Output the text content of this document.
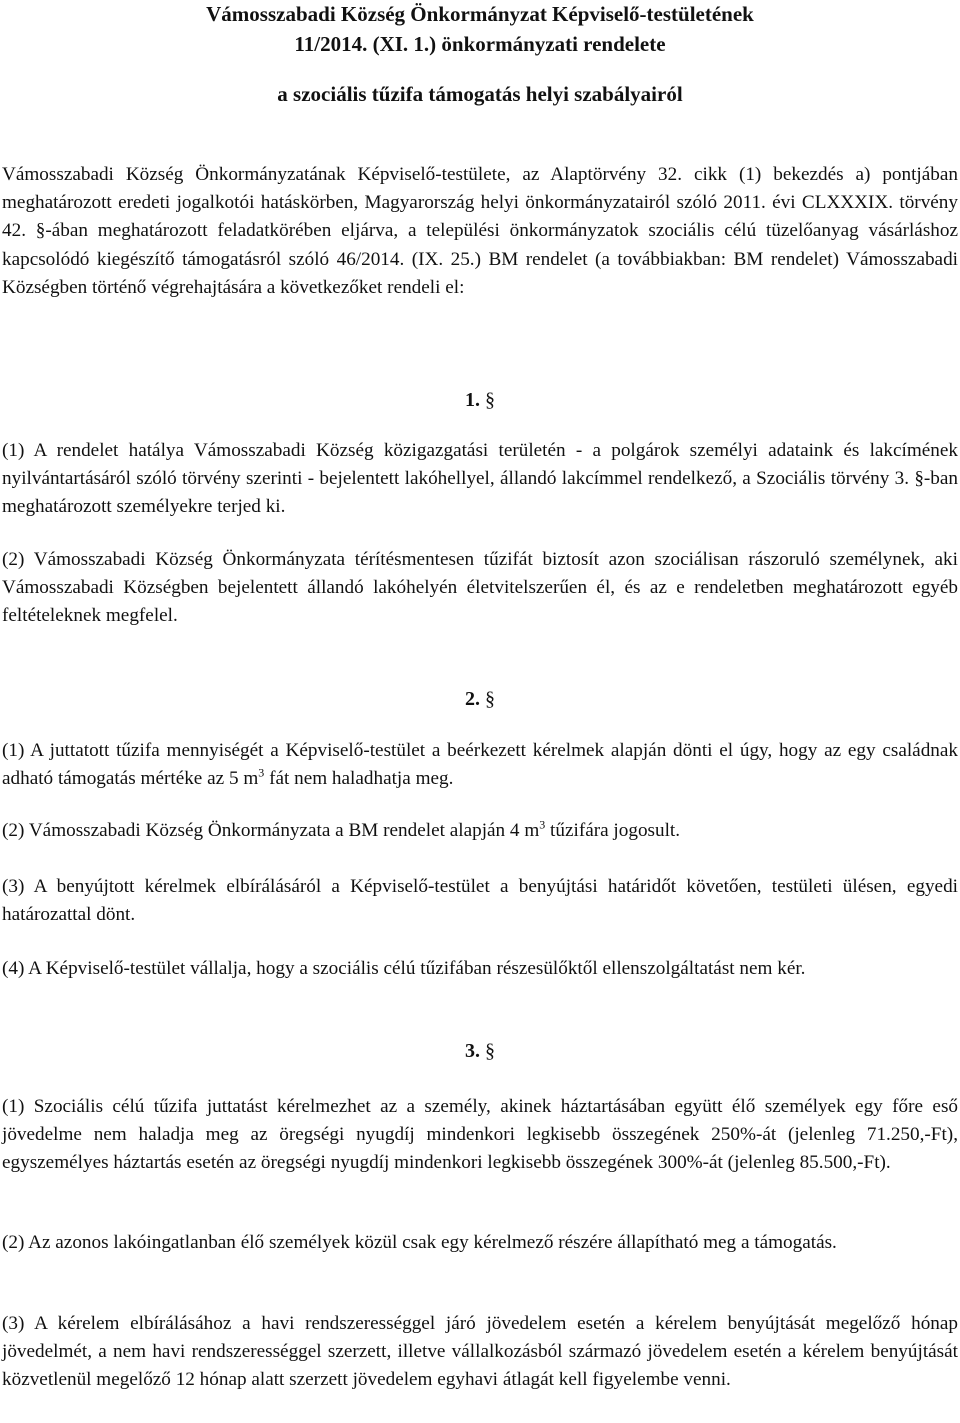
Vámosszabadi Község Önkormányzat Képviselő-testületének
11/2014. (XI. 1.) önkormányzati rendelete
a szociális tűzifa támogatás helyi szabályairól

Vámosszabadi Község Önkormányzatának Képviselő-testülete, az Alaptörvény 32. cikk (1) bekezdés a) pontjában meghatározott eredeti jogalkotói hatáskörben, Magyarország helyi önkormányzatairól szóló 2011. évi CLXXXIX. törvény 42. §-ában meghatározott feladatkörében eljárva, a települési önkormányzatok szociális célú tüzelőanyag vásárláshoz kapcsolódó kiegészítő támogatásról szóló 46/2014. (IX. 25.) BM rendelet (a továbbiakban: BM rendelet) Vámosszabadi Községben történő végrehajtására a következőket rendeli el:

1. §

(1) A rendelet hatálya Vámosszabadi Község közigazgatási területén - a polgárok személyi adataink és lakcímének nyilvántartásáról szóló törvény szerinti - bejelentett lakóhellyel, állandó lakcímmel rendelkező, a Szociális törvény 3. §-ban meghatározott személyekre terjed ki.

(2) Vámosszabadi Község Önkormányzata térítésmentesen tűzifát biztosít azon szociálisan rászoruló személynek, aki Vámosszabadi Községben bejelentett állandó lakóhelyén életvitelszerűen él, és az e rendeletben meghatározott egyéb feltételeknek megfelel.

2. §

(1) A juttatott tűzifa mennyiségét a Képviselő-testület a beérkezett kérelmek alapján dönti el úgy, hogy az egy családnak adható támogatás mértéke az 5 $m^3$ fát nem haladhatja meg.

(2) Vámosszabadi Község Önkormányzata a BM rendelet alapján 4 $m^3$ tűzifára jogosult.

(3) A benyújtott kérelmek elbírálásáról a Képviselő-testület a benyújtási határidőt követően, testületi ülésen, egyedi határozattal dönt.

(4) A Képviselő-testület vállalja, hogy a szociális célú tűzifában részesülőktől ellenszolgáltatást nem kér.

3. §

(1) Szociális célú tűzifa juttatást kérelmezhet az a személy, akinek háztartásában együtt élő személyek egy főre eső jövedelme nem haladja meg az öregségi nyugdíj mindenkori legkisebb összegének 250%-át (jelenleg 71.250,-Ft), egyszemélyes háztartás esetén az öregségi nyugdíj mindenkori legkisebb összegének 300%-át (jelenleg 85.500,-Ft).

(2) Az azonos lakóingatlanban élő személyek közül csak egy kérelmező részére állapítható meg a támogatás.

(3) A kérelem elbírálásához a havi rendszerességgel járó jövedelem esetén a kérelem benyújtását megelőző hónap jövedelmét, a nem havi rendszerességgel szerzett, illetve vállalkozásból származó jövedelem esetén a kérelem benyújtását közvetlenül megelőző 12 hónap alatt szerzett jövedelem egyhavi átlagát kell figyelembe venni.
